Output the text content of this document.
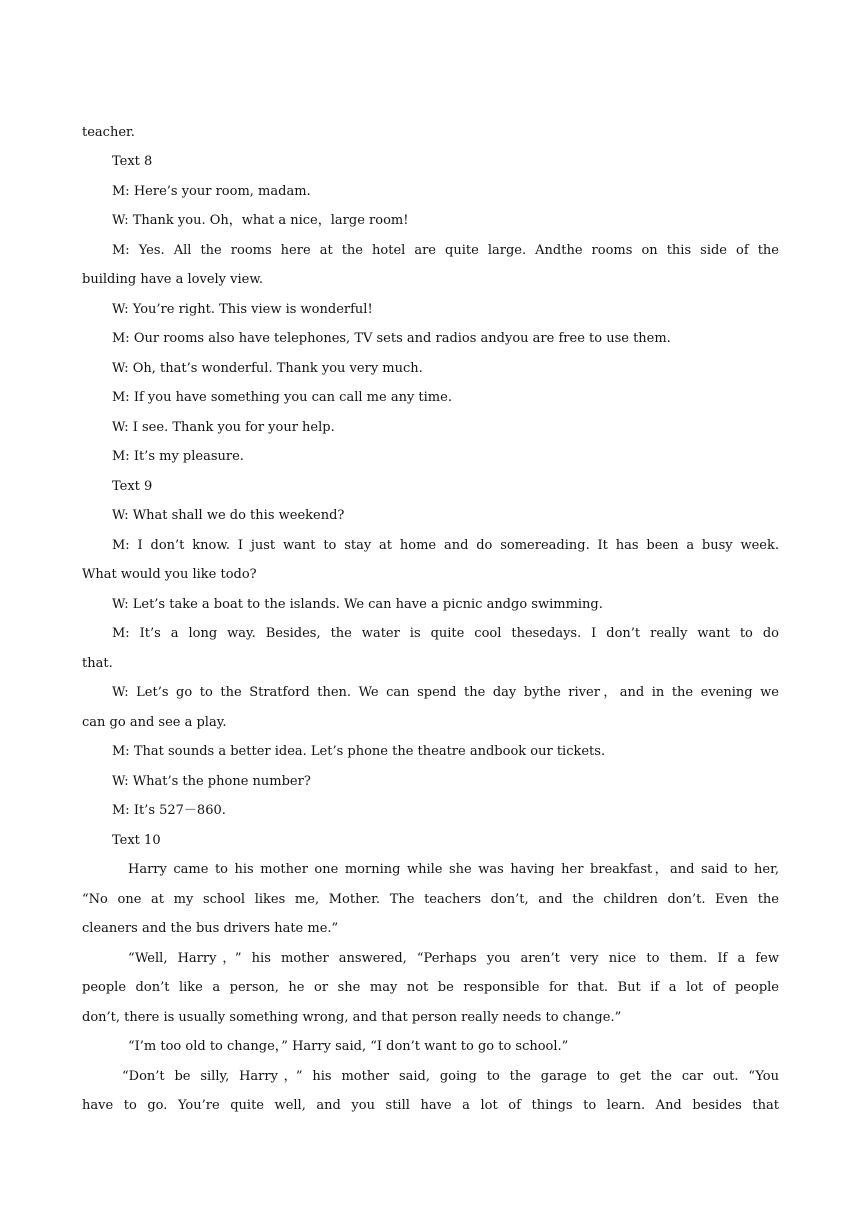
teacher.

Text 8

M: Here’s your room, madam.

W: Thank you. Oh，what a nice，large room!

M: Yes. All the rooms here at the hotel are quite large. Andthe rooms on this side of the

building have a lovely view.

W: You’re right. This view is wonderful!

M: Our rooms also have telephones, TV sets and radios andyou are free to use them.

W: Oh, that’s wonderful. Thank you very much.

M: If you have something you can call me any time.

W: I see. Thank you for your help.

M: It’s my pleasure.

Text 9

W: What shall we do this weekend?

M: I don’t know. I just want to stay at home and do somereading. It has been a busy week.

What would you like todo?

W: Let’s take a boat to the islands. We can have a picnic andgo swimming.

M: It’s a long way. Besides, the water is quite cool thesedays. I don’t really want to do

that.

W: Let’s go to the Stratford then. We can spend the day bythe river，and in the evening we

can go and see a play.

M: That sounds a better idea. Let’s phone the theatre andbook our tickets.

W: What’s the phone number?

M: It’s 527－860.

Text 10

Harry came to his mother one morning while she was having her breakfast，and said to her,

“No one at my school likes me, Mother. The teachers don’t, and the children don’t. Even the

cleaners and the bus drivers hate me.”

“Well, Harry，” his mother answered, “Perhaps you aren’t very nice to them. If a few

people don’t like a person, he or she may not be responsible for that. But if a lot of people

don’t, there is usually something wrong, and that person really needs to change.”

“I’m too old to change，” Harry said, “I don’t want to go to school.”

“Don’t be silly, Harry，” his mother said, going to the garage to get the car out. “You

have to go. You’re quite well, and you still have a lot of things to learn. And besides that
